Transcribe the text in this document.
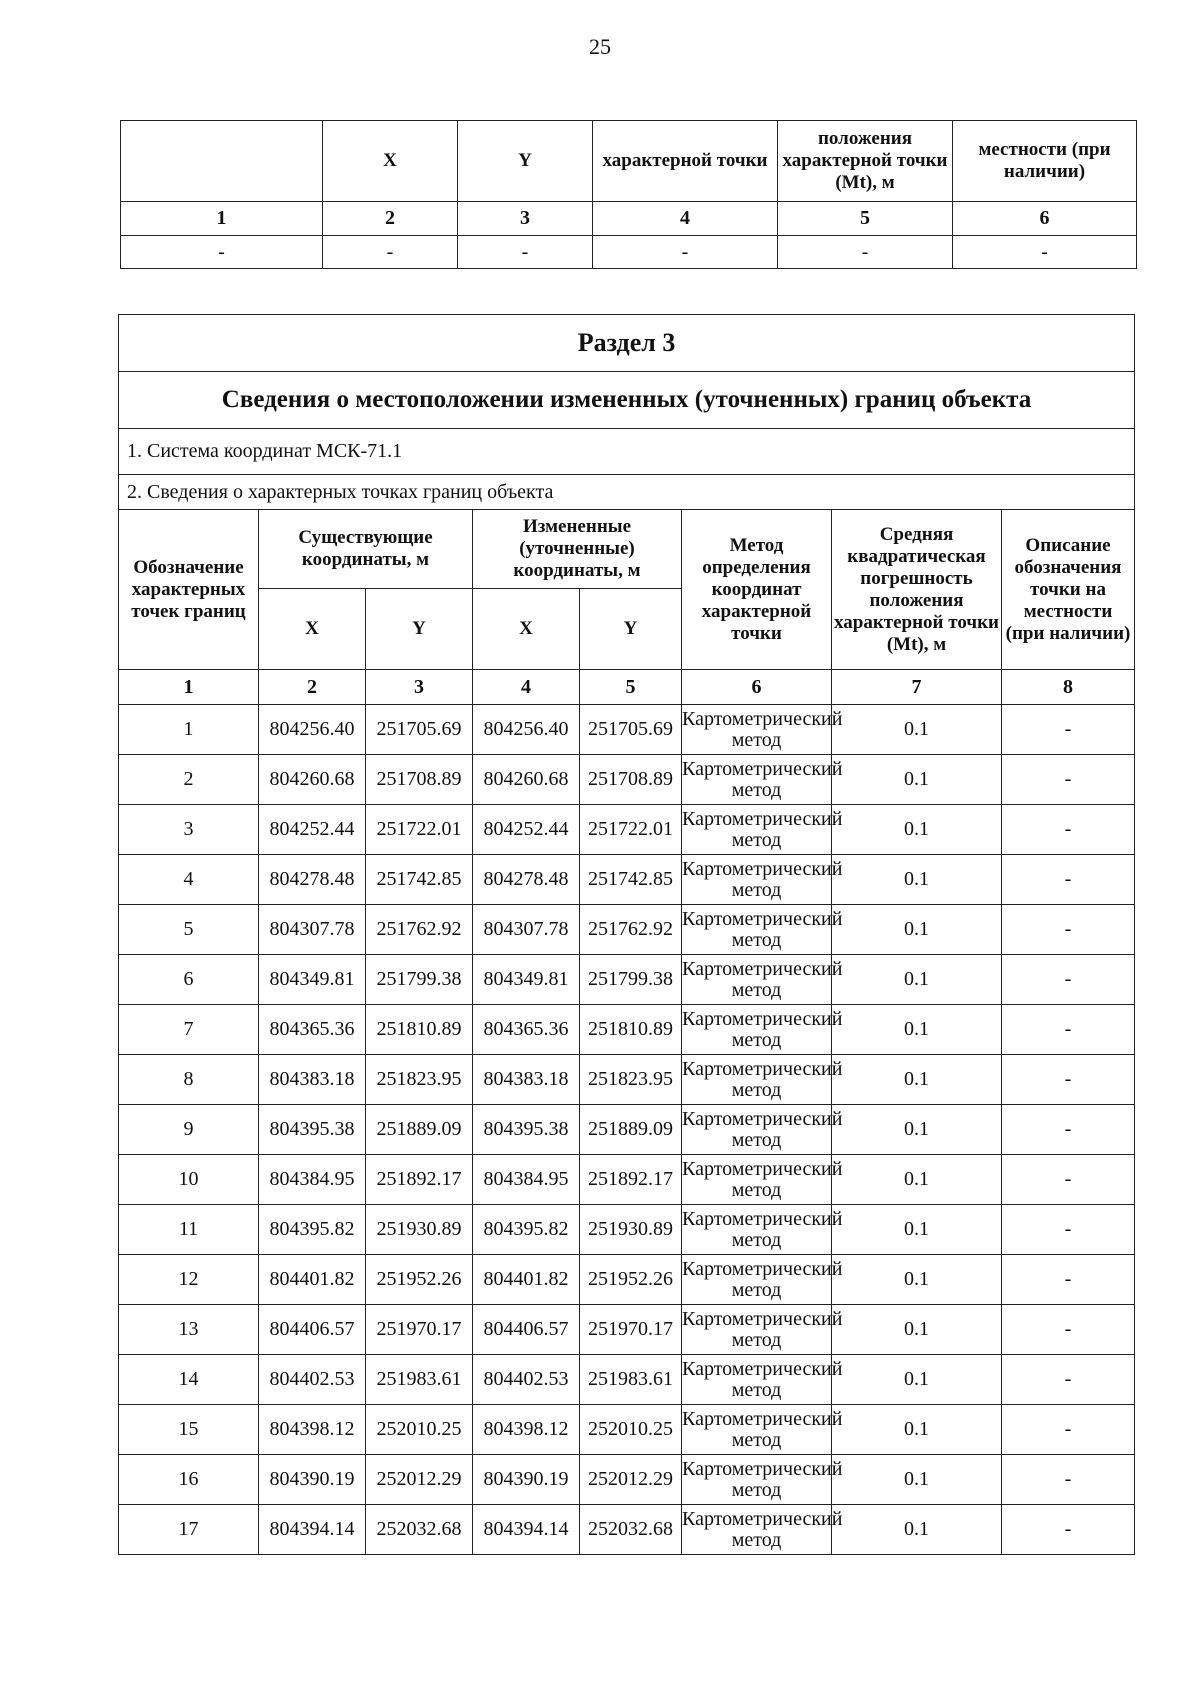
25
	X	Y	характерной точки	положения характерной точки (Mt), м	местности (при наличии)
1	2	3	4	5	6
-	-	-	-	-	-
Раздел 3							
Сведения о местоположении измененных (уточненных) границ объекта							
1. Система координат МСК-71.1							
2. Сведения о характерных точках границ объекта							
Обозначение характерных точек границ	Существующие координаты, м		Измененные (уточненные) координаты, м		Метод определения координат характерной точки	Средняя квадратическая погрешность положения характерной точки (Mt), м	Описание обозначения точки на местности (при наличии)
	X	Y	X	Y			
1	2	3	4	5	6	7	8
1	804256.40	251705.69	804256.40	251705.69	Картометрический метод	0.1	-
2	804260.68	251708.89	804260.68	251708.89	Картометрический метод	0.1	-
3	804252.44	251722.01	804252.44	251722.01	Картометрический метод	0.1	-
4	804278.48	251742.85	804278.48	251742.85	Картометрический метод	0.1	-
5	804307.78	251762.92	804307.78	251762.92	Картометрический метод	0.1	-
6	804349.81	251799.38	804349.81	251799.38	Картометрический метод	0.1	-
7	804365.36	251810.89	804365.36	251810.89	Картометрический метод	0.1	-
8	804383.18	251823.95	804383.18	251823.95	Картометрический метод	0.1	-
9	804395.38	251889.09	804395.38	251889.09	Картометрический метод	0.1	-
10	804384.95	251892.17	804384.95	251892.17	Картометрический метод	0.1	-
11	804395.82	251930.89	804395.82	251930.89	Картометрический метод	0.1	-
12	804401.82	251952.26	804401.82	251952.26	Картометрический метод	0.1	-
13	804406.57	251970.17	804406.57	251970.17	Картометрический метод	0.1	-
14	804402.53	251983.61	804402.53	251983.61	Картометрический метод	0.1	-
15	804398.12	252010.25	804398.12	252010.25	Картометрический метод	0.1	-
16	804390.19	252012.29	804390.19	252012.29	Картометрический метод	0.1	-
17	804394.14	252032.68	804394.14	252032.68	Картометрический метод	0.1	-
